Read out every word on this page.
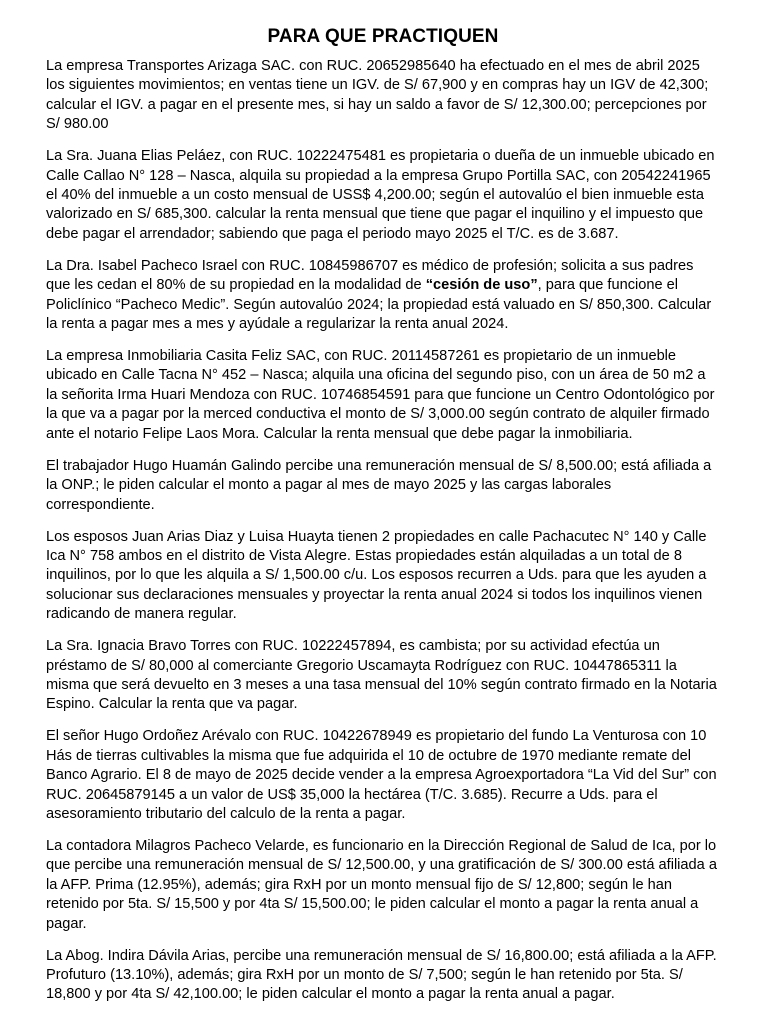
PARA QUE PRACTIQUEN

La empresa Transportes Arizaga SAC. con RUC. 20652985640 ha efectuado en el mes de abril 2025 los siguientes movimientos; en ventas tiene un IGV. de S/ 67,900 y en compras hay un IGV de 42,300; calcular el IGV. a pagar en el presente mes, si hay un saldo a favor de S/ 12,300.00; percepciones por S/ 980.00

La Sra. Juana Elias Peláez, con RUC. 10222475481 es propietaria o dueña de un inmueble ubicado en Calle Callao N° 128 – Nasca, alquila su propiedad a la empresa Grupo Portilla SAC, con 20542241965 el 40% del inmueble a un costo mensual de USS$ 4,200.00; según el autovalúo el bien inmueble esta valorizado en S/ 685,300. calcular la renta mensual que tiene que pagar el inquilino y el impuesto que debe pagar el arrendador; sabiendo que paga el periodo mayo 2025 el T/C. es de 3.687.

La Dra. Isabel Pacheco Israel con RUC. 10845986707 es médico de profesión; solicita a sus padres que les cedan el 80% de su propiedad en la modalidad de “cesión de uso”, para que funcione el Policlínico “Pacheco Medic”. Según autovalúo 2024; la propiedad está valuado en S/ 850,300. Calcular la renta a pagar mes a mes y ayúdale a regularizar la renta anual 2024.

La empresa Inmobiliaria Casita Feliz SAC, con RUC. 20114587261 es propietario de un inmueble ubicado en Calle Tacna N° 452 – Nasca; alquila una oficina del segundo piso, con un área de 50 m2 a la señorita Irma Huari Mendoza con RUC. 10746854591 para que funcione un Centro Odontológico por la que va a pagar por la merced conductiva el monto de S/ 3,000.00 según contrato de alquiler firmado ante el notario Felipe Laos Mora. Calcular la renta mensual que debe pagar la inmobiliaria.

El trabajador Hugo Huamán Galindo percibe una remuneración mensual de S/ 8,500.00; está afiliada a la ONP.; le piden calcular el monto a pagar al mes de mayo 2025 y las cargas laborales correspondiente.

Los esposos Juan Arias Diaz y Luisa Huayta tienen 2 propiedades en calle Pachacutec N° 140 y Calle Ica N° 758 ambos en el distrito de Vista Alegre. Estas propiedades están alquiladas a un total de 8 inquilinos, por lo que les alquila a S/ 1,500.00 c/u. Los esposos recurren a Uds. para que les ayuden a solucionar sus declaraciones mensuales y proyectar la renta anual 2024 si todos los inquilinos vienen radicando de manera regular.

La Sra. Ignacia Bravo Torres con RUC. 10222457894, es cambista; por su actividad efectúa un préstamo de S/ 80,000 al comerciante Gregorio Uscamayta Rodríguez con RUC. 10447865311 la misma que será devuelto en 3 meses a una tasa mensual del 10% según contrato firmado en la Notaria Espino. Calcular la renta que va pagar.

El señor Hugo Ordoñez Arévalo con RUC. 10422678949 es propietario del fundo La Venturosa con 10 Hás de tierras cultivables la misma que fue adquirida el 10 de octubre de 1970 mediante remate del Banco Agrario. El 8 de mayo de 2025 decide vender a la empresa Agroexportadora “La Vid del Sur” con RUC. 20645879145 a un valor de US$ 35,000 la hectárea (T/C. 3.685). Recurre a Uds. para el asesoramiento tributario del calculo de la renta a pagar.

La contadora Milagros Pacheco Velarde, es funcionario en la Dirección Regional de Salud de Ica, por lo que percibe una remuneración mensual de S/ 12,500.00, y una gratificación de S/ 300.00 está afiliada a la AFP. Prima (12.95%), además; gira RxH por un monto mensual fijo de S/ 12,800; según le han retenido por 5ta. S/ 15,500 y por 4ta S/ 15,500.00; le piden calcular el monto a pagar la renta anual a pagar.

La Abog. Indira Dávila Arias, percibe una remuneración mensual de S/ 16,800.00; está afiliada a la AFP. Profuturo (13.10%), además; gira RxH por un monto de S/ 7,500; según le han retenido por 5ta. S/ 18,800 y por 4ta S/ 42,100.00; le piden calcular el monto a pagar la renta anual a pagar.
